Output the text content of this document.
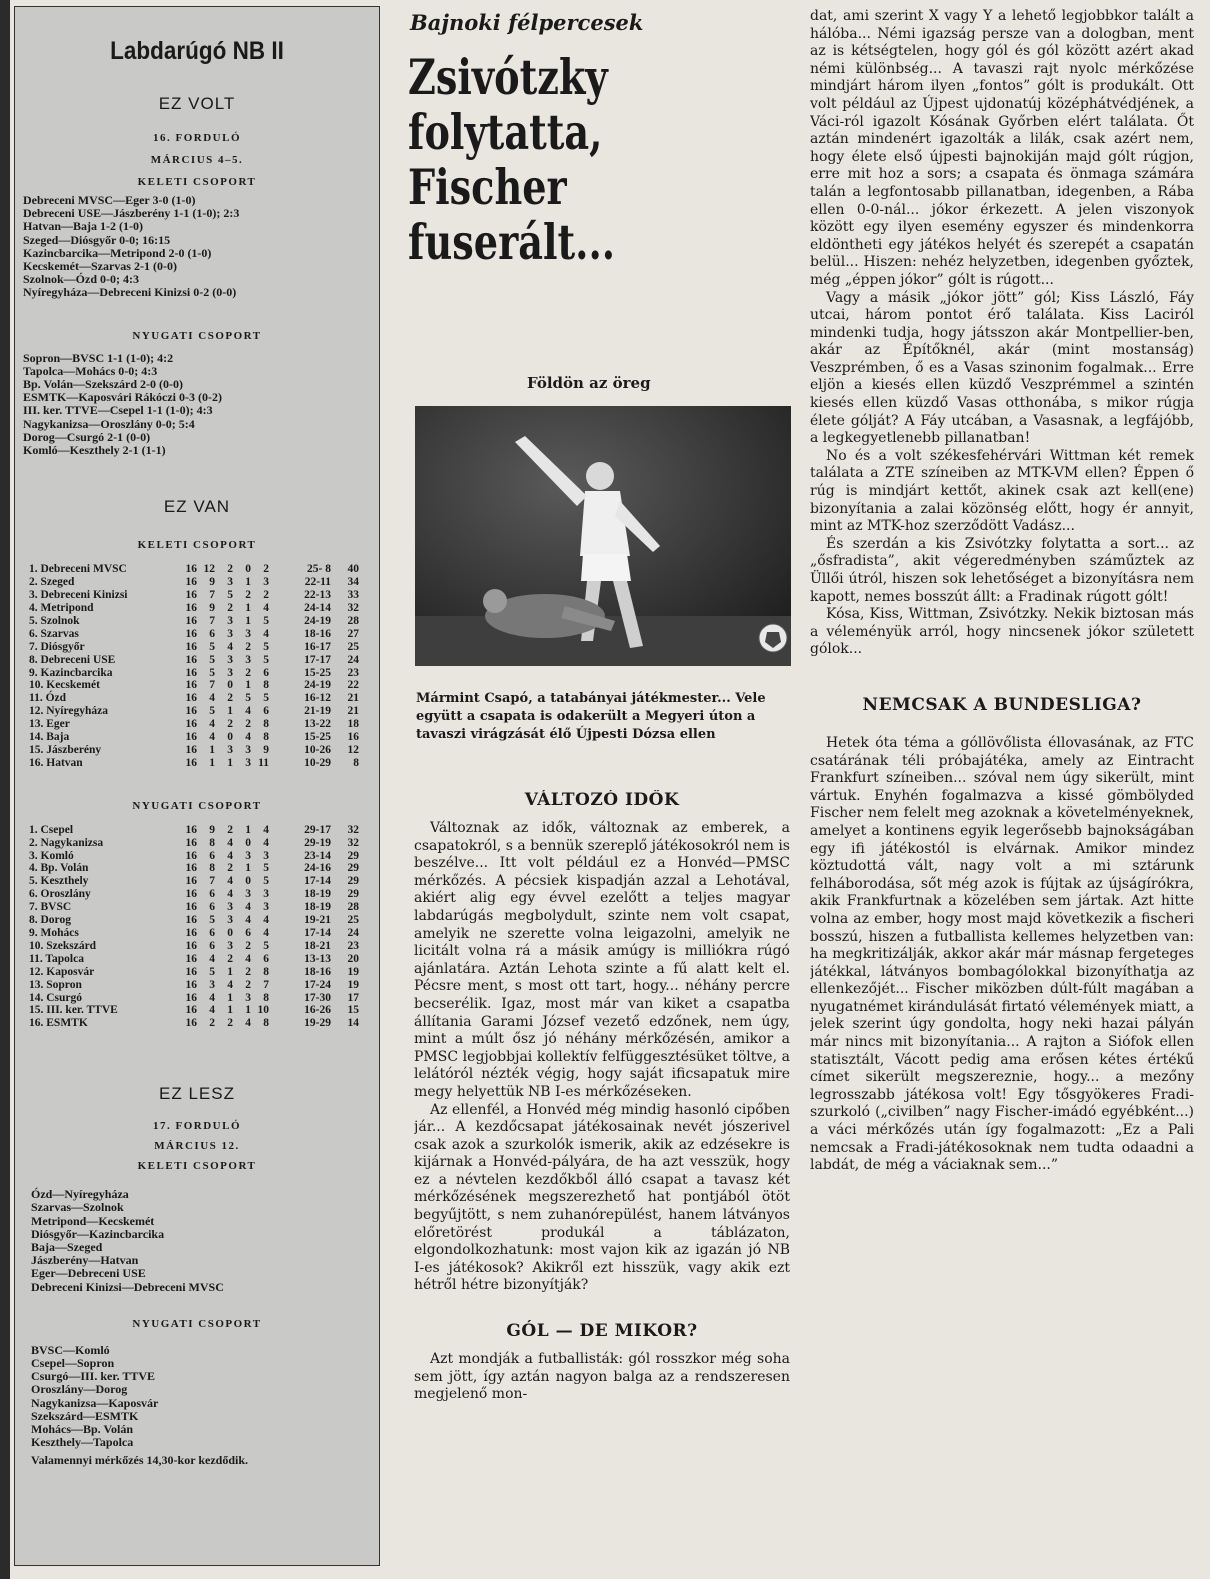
Labdarúgó NB II
EZ VOLT
16. FORDULÓ
MÁRCIUS 4–5.
KELETI CSOPORT
Debreceni MVSC—Eger 3-0 (1-0)
Debreceni USE—Jászberény 1-1 (1-0); 2:3
Hatvan—Baja 1-2 (1-0)
Szeged—Diósgyőr 0-0; 16:15
Kazincbarcika—Metripond 2-0 (1-0)
Kecskemét—Szarvas 2-1 (0-0)
Szolnok—Ózd 0-0; 4:3
Nyíregyháza—Debreceni Kinizsi 0-2 (0-0)
NYUGATI CSOPORT
Sopron—BVSC 1-1 (1-0); 4:2
Tapolca—Mohács 0-0; 4:3
Bp. Volán—Szekszárd 2-0 (0-0)
ESMTK—Kaposvári Rákóczi 0-3 (0-2)
III. ker. TTVE—Csepel 1-1 (1-0); 4:3
Nagykanizsa—Oroszlány 0-0; 5:4
Dorog—Csurgó 2-1 (0-0)
Komló—Keszthely 2-1 (1-1)
EZ VAN
KELETI CSOPORT
1. Debreceni MVSC	16	12	2	0	2	25- 8	40
2. Szeged	16	9	3	1	3	22-11	34
3. Debreceni Kinizsi	16	7	5	2	2	22-13	33
4. Metripond	16	9	2	1	4	24-14	32
5. Szolnok	16	7	3	1	5	24-19	28
6. Szarvas	16	6	3	3	4	18-16	27
7. Diósgyőr	16	5	4	2	5	16-17	25
8. Debreceni USE	16	5	3	3	5	17-17	24
9. Kazincbarcika	16	5	3	2	6	15-25	23
10. Kecskemét	16	7	0	1	8	24-19	22
11. Ózd	16	4	2	5	5	16-12	21
12. Nyíregyháza	16	5	1	4	6	21-19	21
13. Eger	16	4	2	2	8	13-22	18
14. Baja	16	4	0	4	8	15-25	16
15. Jászberény	16	1	3	3	9	10-26	12
16. Hatvan	16	1	1	3	11	10-29	8
NYUGATI CSOPORT
1. Csepel	16	9	2	1	4	29-17	32
2. Nagykanizsa	16	8	4	0	4	29-19	32
3. Komló	16	6	4	3	3	23-14	29
4. Bp. Volán	16	8	2	1	5	24-16	29
5. Keszthely	16	7	4	0	5	17-14	29
6. Oroszlány	16	6	4	3	3	18-19	29
7. BVSC	16	6	3	4	3	18-19	28
8. Dorog	16	5	3	4	4	19-21	25
9. Mohács	16	6	0	6	4	17-14	24
10. Szekszárd	16	6	3	2	5	18-21	23
11. Tapolca	16	4	2	4	6	13-13	20
12. Kaposvár	16	5	1	2	8	18-16	19
13. Sopron	16	3	4	2	7	17-24	19
14. Csurgó	16	4	1	3	8	17-30	17
15. III. ker. TTVE	16	4	1	1	10	16-26	15
16. ESMTK	16	2	2	4	8	19-29	14
EZ LESZ
17. FORDULÓ
MÁRCIUS 12.
KELETI CSOPORT
Ózd—Nyíregyháza
Szarvas—Szolnok
Metripond—Kecskemét
Diósgyőr—Kazincbarcika
Baja—Szeged
Jászberény—Hatvan
Eger—Debreceni USE
Debreceni Kinizsi—Debreceni MVSC
NYUGATI CSOPORT
BVSC—Komló
Csepel—Sopron
Csurgó—III. ker. TTVE
Oroszlány—Dorog
Nagykanizsa—Kaposvár
Szekszárd—ESMTK
Mohács—Bp. Volán
Keszthely—Tapolca
Valamennyi mérkőzés 14,30-kor kezdődik.
Bajnoki félpercesek
Zsivótzky
folytatta,
Fischer
fuserált...
Földön az öreg
Mármint Csapó, a tatabányai játékmester... Vele együtt a csapata is odakerült a Megyeri úton a tavaszi virágzását élő Újpesti Dózsa ellen
VÁLTOZÓ IDŐK

Változnak az idők, változnak az emberek, a csapatokról, s a bennük szereplő játékosokról nem is beszélve... Itt volt például ez a Honvéd—PMSC mérkőzés. A pécsiek kispadján azzal a Lehotával, akiért alig egy évvel ezelőtt a teljes magyar labdarúgás megbolydult, szinte nem volt csapat, amelyik ne szerette volna leigazolni, amelyik ne licitált volna rá a másik amúgy is milliókra rúgó ajánlatára. Aztán Lehota szinte a fű alatt kelt el. Pécsre ment, s most ott tart, hogy... néhány percre becserélik. Igaz, most már van kiket a csapatba állítania Garami József vezető edzőnek, nem úgy, mint a múlt ősz jó néhány mérkőzésén, amikor a PMSC legjobbjai kollektív felfüggesztésüket töltve, a lelátóról nézték végig, hogy saját ificsapatuk mire megy helyettük NB I-es mérkőzéseken.

Az ellenfél, a Honvéd még mindig hasonló cipőben jár... A kezdőcsapat játékosainak nevét jószerivel csak azok a szurkolók ismerik, akik az edzésekre is kijárnak a Honvéd-pályára, de ha azt vesszük, hogy ez a névtelen kezdőkből álló csapat a tavasz két mérkőzésének megszerezhető hat pontjából ötöt begyűjtött, s nem zuhanórepülést, hanem látványos előretörést produkál a táblázaton, elgondolkozhatunk: most vajon kik az igazán jó NB I-es játékosok? Akikről ezt hisszük, vagy akik ezt hétről hétre bizonyítják?

GÓL — DE MIKOR?

Azt mondják a futballisták: gól rosszkor még soha sem jött, így aztán nagyon balga az a rendszeresen megjelenő mon-

dat, ami szerint X vagy Y a lehető legjobbkor talált a hálóba... Némi igazság persze van a dologban, ment az is kétségtelen, hogy gól és gól között azért akad némi különbség... A tavaszi rajt nyolc mérkőzése mindjárt három ilyen „fontos” gólt is produkált. Ott volt például az Újpest ujdonatúj középhátvédjének, a Váci-ról igazolt Kósának Győrben elért találata. Őt aztán mindenért igazolták a lilák, csak azért nem, hogy élete első újpesti bajnokiján majd gólt rúgjon, erre mit hoz a sors; a csapata és önmaga számára talán a legfontosabb pillanatban, idegenben, a Rába ellen 0-0-nál... jókor érkezett. A jelen viszonyok között egy ilyen esemény egyszer és mindenkorra eldöntheti egy játékos helyét és szerepét a csapatán belül... Hiszen: nehéz helyzetben, idegenben győztek, még „éppen jókor” gólt is rúgott...

Vagy a másik „jókor jött” gól; Kiss László, Fáy utcai, három pontot érő találata. Kiss Laciról mindenki tudja, hogy játsszon akár Montpellier-ben, akár az Építőknél, akár (mint mostanság) Veszprémben, ő es a Vasas szinonim fogalmak... Erre eljön a kiesés ellen küzdő Veszprémmel a szintén kiesés ellen küzdő Vasas otthonába, s mikor rúgja élete gólját? A Fáy utcában, a Vasasnak, a legfájóbb, a legkegyetlenebb pillanatban!

No és a volt székesfehérvári Wittman két remek találata a ZTE színeiben az MTK-VM ellen? Éppen ő rúg is mindjárt kettőt, akinek csak azt kell(ene) bizonyítania a zalai közönség előtt, hogy ér annyit, mint az MTK-hoz szerződött Vadász...

És szerdán a kis Zsivótzky folytatta a sort... az „ősfradista”, akit végeredményben száműztek az Üllői útról, hiszen sok lehetőséget a bizonyításra nem kapott, nemes bosszút állt: a Fradinak rúgott gólt!

Kósa, Kiss, Wittman, Zsivótzky. Nekik biztosan más a véleményük arról, hogy nincsenek jókor született gólok...

NEMCSAK A BUNDESLIGA?

Hetek óta téma a góllövőlista éllovasának, az FTC csatárának téli próbajátéka, amely az Eintracht Frankfurt színeiben... szóval nem úgy sikerült, mint vártuk. Enyhén fogalmazva a kissé gömbölyded Fischer nem felelt meg azoknak a követelményeknek, amelyet a kontinens egyik legerősebb bajnokságában egy ifi játékostól is elvárnak. Amikor mindez köztudottá vált, nagy volt a mi sztárunk felháborodása, sőt még azok is fújtak az újságírókra, akik Frankfurtnak a közelében sem jártak. Azt hitte volna az ember, hogy most majd következik a fischeri bosszú, hiszen a futballista kellemes helyzetben van: ha megkritizálják, akkor akár már másnap fergeteges játékkal, látványos bombagólokkal bizonyíthatja az ellenkezőjét... Fischer miközben dúlt-fúlt magában a nyugatnémet kirándulását firtató vélemények miatt, a jelek szerint úgy gondolta, hogy neki hazai pályán már nincs mit bizonyítania... A rajton a Siófok ellen statisztált, Vácott pedig ama erősen kétes értékű címet sikerült megszereznie, hogy... a mezőny legrosszabb játékosa volt! Egy tősgyökeres Fradi-szurkoló („civilben” nagy Fischer-imádó egyébként...) a váci mérkőzés után így fogalmazott: „Ez a Pali nemcsak a Fradi-játékosoknak nem tudta odaadni a labdát, de még a váciaknak sem...”
